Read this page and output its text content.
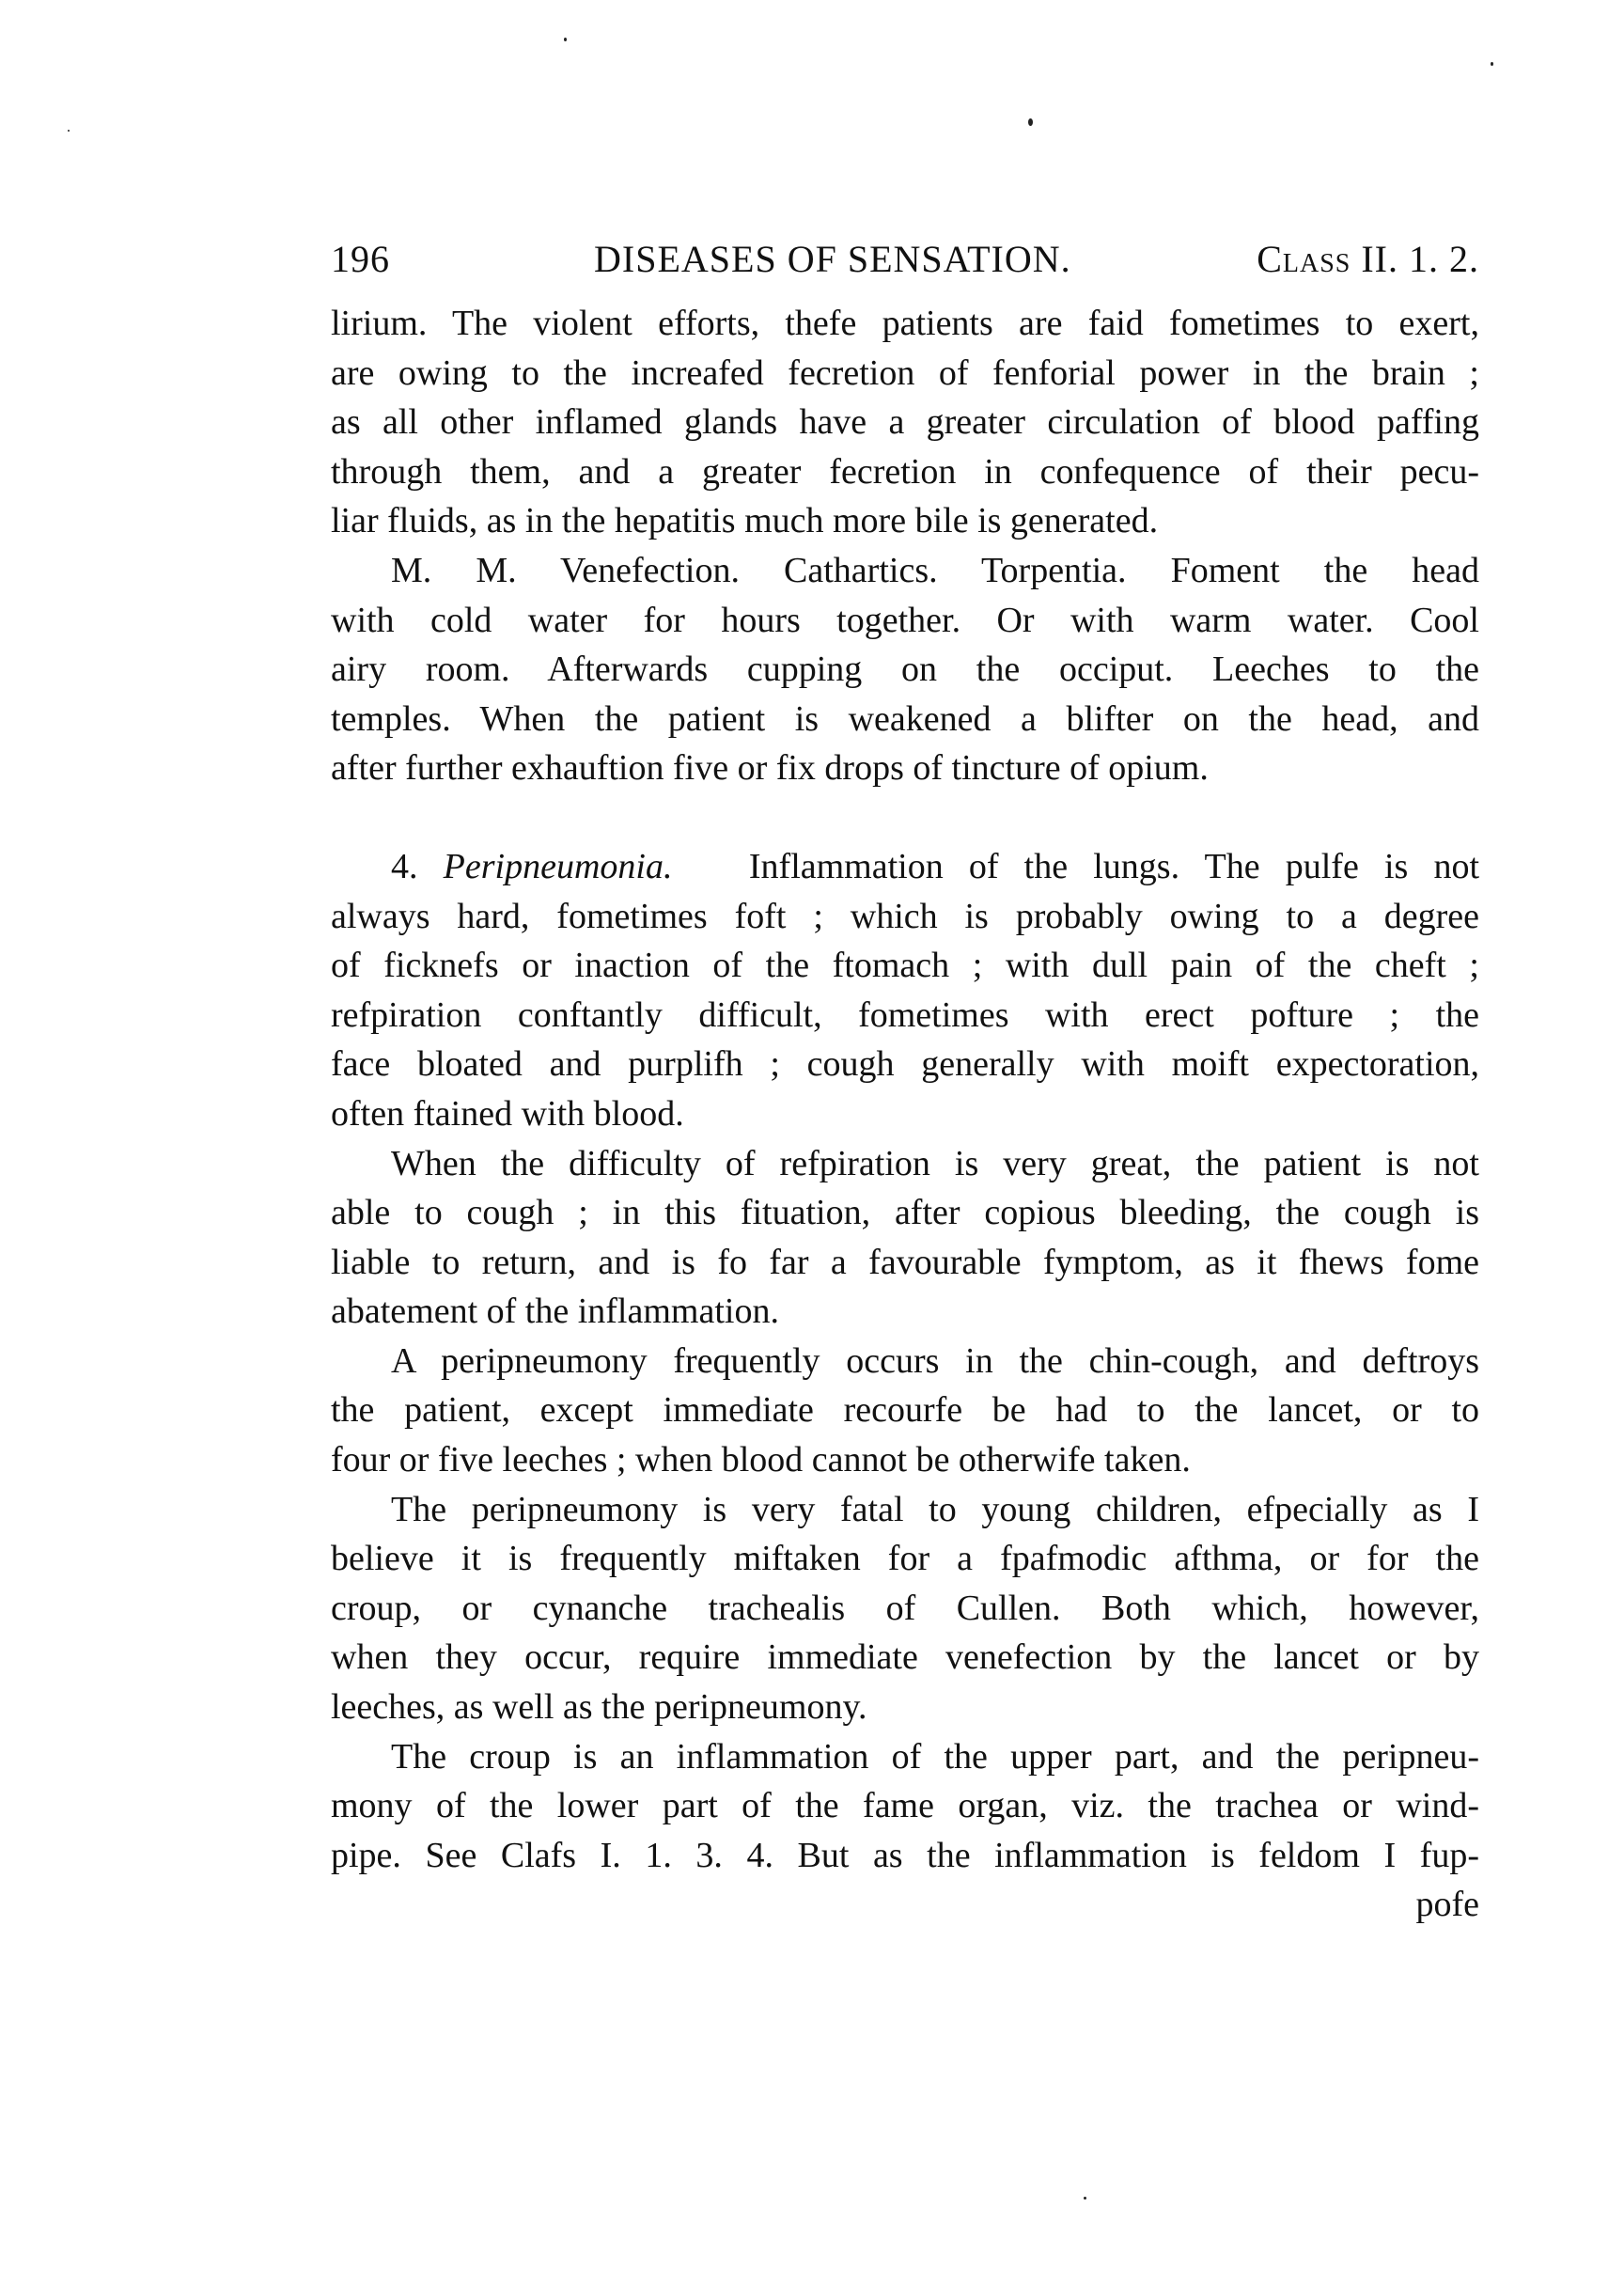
196	DISEASES OF SENSATION.	Class II. 1. 2.
lirium. The violent efforts, thefe patients are faid fometimes to exert,
are owing to the increafed fecretion of fenforial power in the brain ;
as all other inflamed glands have a greater circulation of blood paffing
through them, and a greater fecretion in confequence of their pecu-
liar fluids, as in the hepatitis much more bile is generated.
M. M. Venefection. Cathartics. Torpentia. Foment the head
with cold water for hours together. Or with warm water. Cool
airy room. Afterwards cupping on the occiput. Leeches to the
temples. When the patient is weakened a blifter on the head, and
after further exhauftion five or fix drops of tincture of opium.
4. Peripneumonia. Inflammation of the lungs. The pulfe is not
always hard, fometimes foft ; which is probably owing to a degree
of ficknefs or inaction of the ftomach ; with dull pain of the cheft ;
refpiration conftantly difficult, fometimes with erect pofture ; the
face bloated and purplifh ; cough generally with moift expectoration,
often ftained with blood.
When the difficulty of refpiration is very great, the patient is not
able to cough ; in this fituation, after copious bleeding, the cough is
liable to return, and is fo far a favourable fymptom, as it fhews fome
abatement of the inflammation.
A peripneumony frequently occurs in the chin-cough, and deftroys
the patient, except immediate recourfe be had to the lancet, or to
four or five leeches ; when blood cannot be otherwife taken.
The peripneumony is very fatal to young children, efpecially as I
believe it is frequently miftaken for a fpafmodic afthma, or for the
croup, or cynanche trachealis of Cullen. Both which, however,
when they occur, require immediate venefection by the lancet or by
leeches, as well as the peripneumony.
The croup is an inflammation of the upper part, and the peripneu-
mony of the lower part of the fame organ, viz. the trachea or wind-
pipe. See Clafs I. 1. 3. 4. But as the inflammation is feldom I fup-
pofe
